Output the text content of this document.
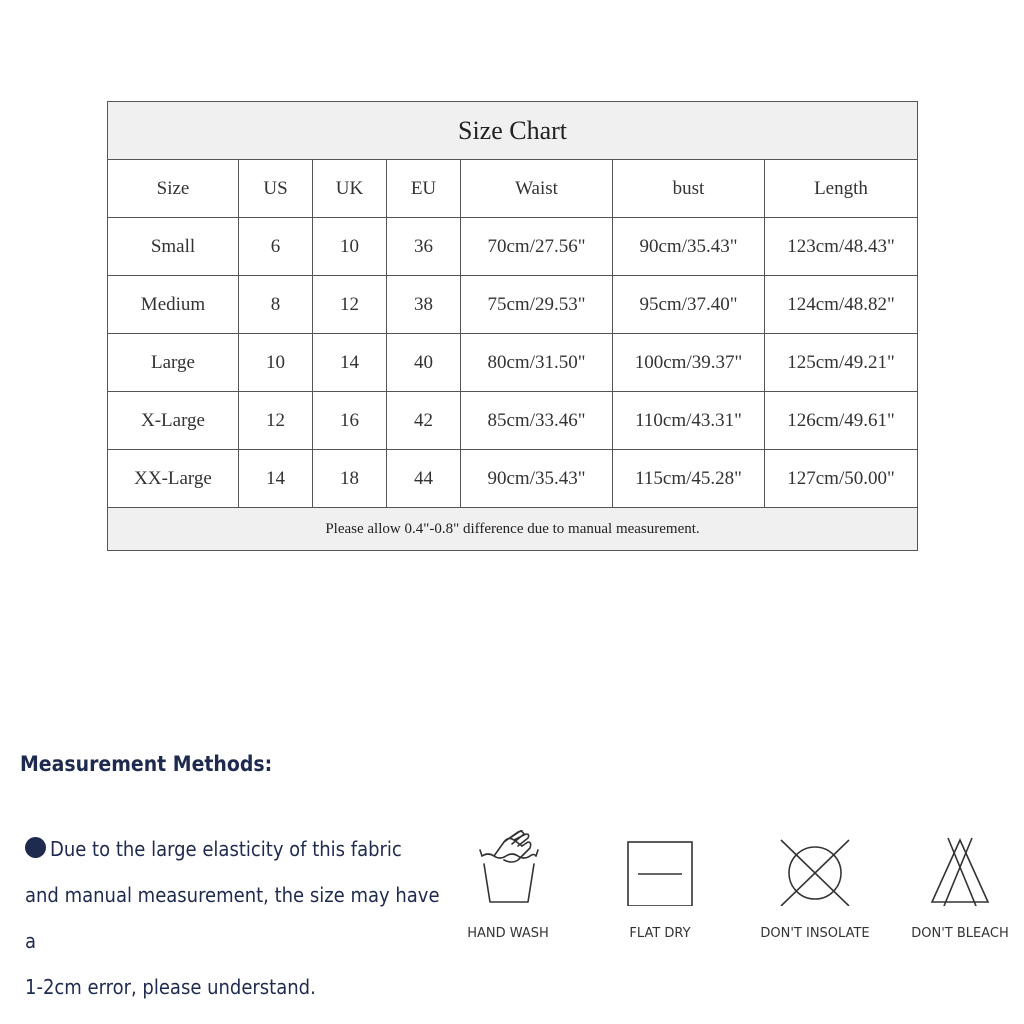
Size Chart						
Size	US	UK	EU	Waist	bust	Length
Small	6	10	36	70cm/27.56"	90cm/35.43"	123cm/48.43"
Medium	8	12	38	75cm/29.53"	95cm/37.40"	124cm/48.82"
Large	10	14	40	80cm/31.50"	100cm/39.37"	125cm/49.21"
X-Large	12	16	42	85cm/33.46"	110cm/43.31"	126cm/49.61"
XX-Large	14	18	44	90cm/35.43"	115cm/45.28"	127cm/50.00"
Please allow 0.4"-0.8" difference due to manual measurement.						
Measurement Methods:
Due to the large elasticity of this fabric
and manual measurement, the size may have a
1-2cm error, please understand.
HAND WASH	FLAT DRY	DON'T INSOLATE	DON'T BLEACH
